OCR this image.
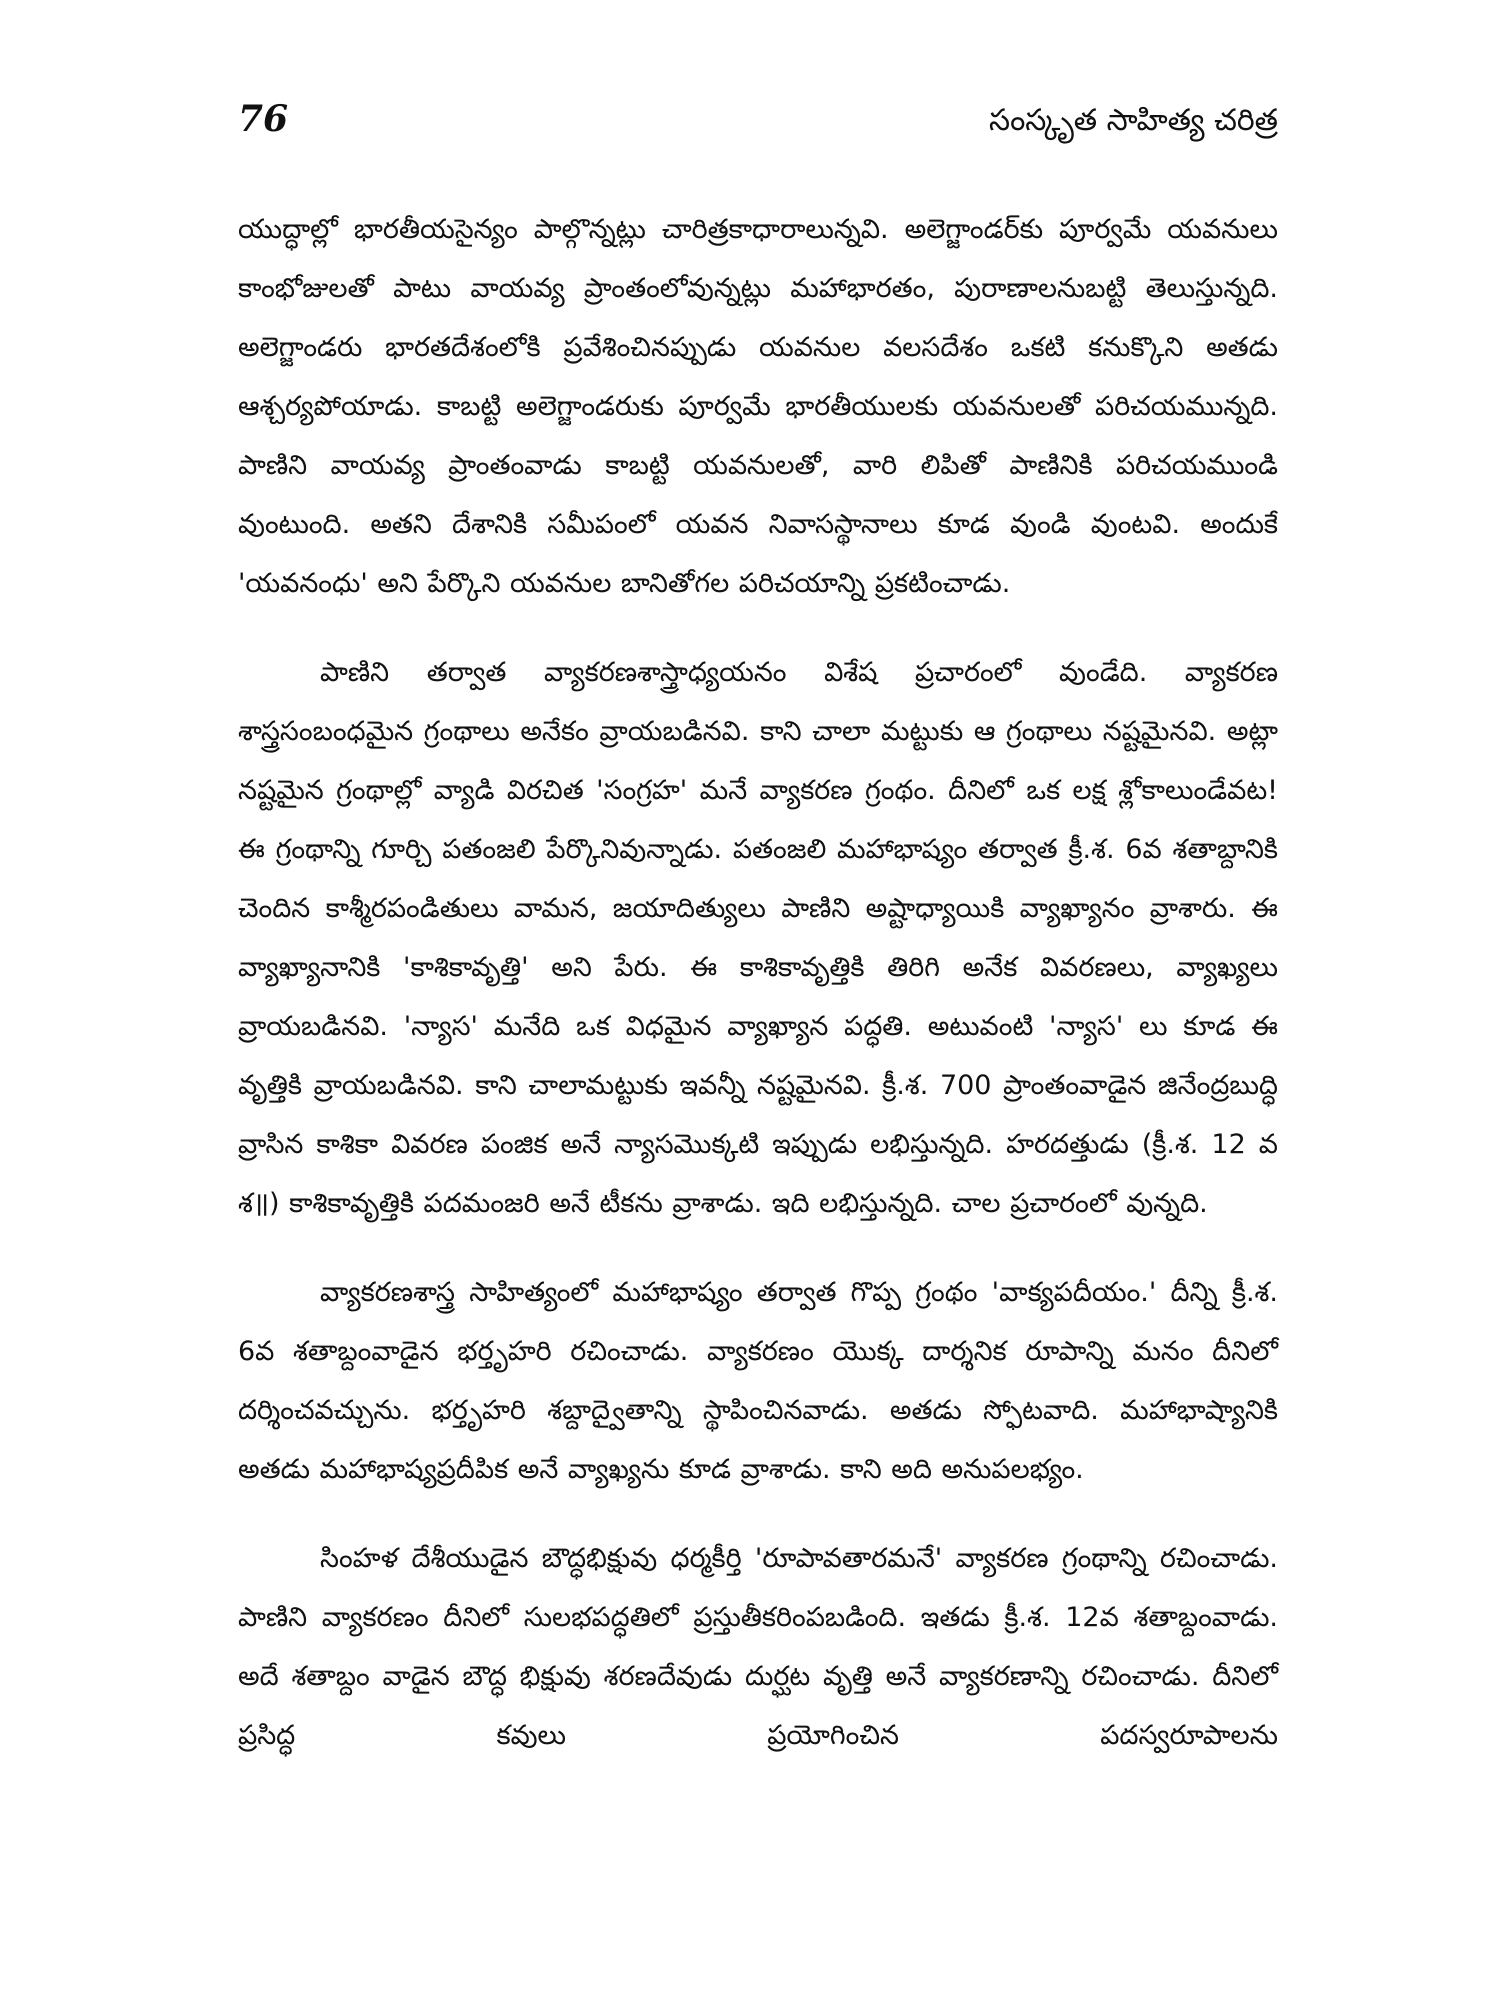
76	సంస్కృత సాహిత్య చరిత్ర

యుద్ధాల్లో భారతీయసైన్యం పాల్గొన్నట్లు చారిత్రకాధారాలున్నవి. అలెగ్జాండర్‌కు పూర్వమే యవనులు కాంభోజులతో పాటు వాయవ్య ప్రాంతంలోవున్నట్లు మహాభారతం, పురాణాలనుబట్టి తెలుస్తున్నది. అలెగ్జాండరు భారతదేశంలోకి ప్రవేశించినప్పుడు యవనుల వలసదేశం ఒకటి కనుక్కొని అతడు ఆశ్చర్యపోయాడు. కాబట్టి అలెగ్జాండరుకు పూర్వమే భారతీయులకు యవనులతో పరిచయమున్నది. పాణిని వాయవ్య ప్రాంతంవాడు కాబట్టి యవనులతో, వారి లిపితో పాణినికి పరిచయముండి వుంటుంది. అతని దేశానికి సమీపంలో యవన నివాసస్థానాలు కూడ వుండి వుంటవి. అందుకే 'యవనంధు' అని పేర్కొని యవనుల బానితోగల పరిచయాన్ని ప్రకటించాడు.

పాణిని తర్వాత వ్యాకరణశాస్త్రాధ్యయనం విశేష ప్రచారంలో వుండేది. వ్యాకరణ శాస్త్రసంబంధమైన గ్రంథాలు అనేకం వ్రాయబడినవి. కాని చాలా మట్టుకు ఆ గ్రంథాలు నష్టమైనవి. అట్లా నష్టమైన గ్రంథాల్లో వ్యాడి విరచిత 'సంగ్రహ' మనే వ్యాకరణ గ్రంథం. దీనిలో ఒక లక్ష శ్లోకాలుండేవట! ఈ గ్రంథాన్ని గూర్చి పతంజలి పేర్కొనివున్నాడు. పతంజలి మహాభాష్యం తర్వాత క్రీ.శ. 6వ శతాబ్దానికి చెందిన కాశ్మీరపండితులు వామన, జయాదిత్యులు పాణిని అష్టాధ్యాయికి వ్యాఖ్యానం వ్రాశారు. ఈ వ్యాఖ్యానానికి 'కాశికావృత్తి' అని పేరు. ఈ కాశికావృత్తికి తిరిగి అనేక వివరణలు, వ్యాఖ్యలు వ్రాయబడినవి. 'న్యాస' మనేది ఒక విధమైన వ్యాఖ్యాన పద్ధతి. అటువంటి 'న్యాస' లు కూడ ఈ వృత్తికి వ్రాయబడినవి. కాని చాలామట్టుకు ఇవన్నీ నష్టమైనవి. క్రీ.శ. 700 ప్రాంతంవాడైన జినేంద్రబుద్ధి వ్రాసిన కాశికా వివరణ పంజిక అనే న్యాసమొక్కటి ఇప్పుడు లభిస్తున్నది. హరదత్తుడు (క్రీ.శ. 12 వ శ॥) కాశికావృత్తికి పదమంజరి అనే టీకను వ్రాశాడు. ఇది లభిస్తున్నది. చాల ప్రచారంలో వున్నది.

వ్యాకరణశాస్త్ర సాహిత్యంలో మహాభాష్యం తర్వాత గొప్ప గ్రంథం 'వాక్యపదీయం.' దీన్ని క్రీ.శ. 6వ శతాబ్దంవాడైన భర్తృహరి రచించాడు. వ్యాకరణం యొక్క దార్శనిక రూపాన్ని మనం దీనిలో దర్శించవచ్చును. భర్తృహరి శబ్దాద్వైతాన్ని స్థాపించినవాడు. అతడు స్ఫోటవాది. మహాభాష్యానికి అతడు మహాభాష్యప్రదీపిక అనే వ్యాఖ్యను కూడ వ్రాశాడు. కాని అది అనుపలభ్యం.

సింహళ దేశీయుడైన బౌద్ధభిక్షువు ధర్మకీర్తి 'రూపావతారమనే' వ్యాకరణ గ్రంథాన్ని రచించాడు. పాణిని వ్యాకరణం దీనిలో సులభపద్ధతిలో ప్రస్తుతీకరింపబడింది. ఇతడు క్రీ.శ. 12వ శతాబ్దంవాడు. అదే శతాబ్దం వాడైన బౌద్ధ భిక్షువు శరణదేవుడు దుర్ఘట వృత్తి అనే వ్యాకరణాన్ని రచించాడు. దీనిలో ప్రసిద్ధ కవులు ప్రయోగించిన పదస్వరూపాలను
